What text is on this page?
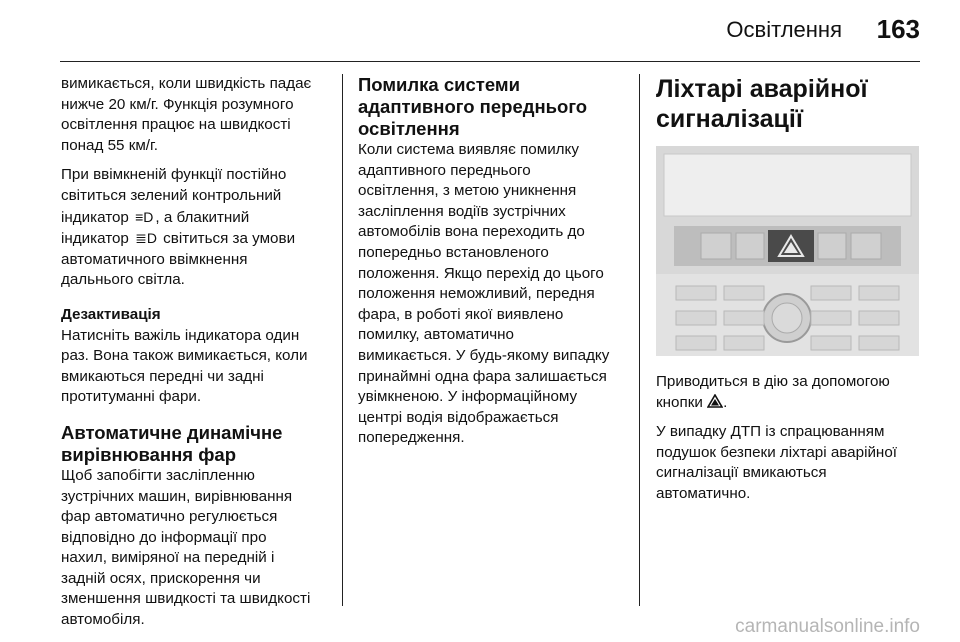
Освітлення 163

вимикається, коли швидкість падає
нижче 20 км/г. Функція розумного
освітлення працює на швидкості
понад 55 км/г.

При ввімкненій функції постійно
світиться зелений контрольний
індикатор ≡D , а блакитний
індикатор ≣D світиться за умови
автоматичного ввімкнення
дальнього світла.

Дезактивація

Натисніть важіль індикатора один
раз. Вона також вимикається, коли
вмикаються передні чи задні
протитуманні фари.

Автоматичне динамічне
вирівнювання фар

Щоб запобігти засліпленню
зустрічних машин, вирівнювання
фар автоматично регулюється
відповідно до інформації про
нахил, виміряної на передній і
задній осях, прискорення чи
зменшення швидкості та швидкості
автомобіля.

Помилка системи
адаптивного переднього
освітлення

Коли система виявляє помилку
адаптивного переднього
освітлення, з метою уникнення
засліплення водіїв зустрічних
автомобілів вона переходить до
попередньо встановленого
положення. Якщо перехід до цього
положення неможливий, передня
фара, в роботі якої виявлено
помилку, автоматично
вимикається. У будь-якому випадку
принаймні одна фара залишається
увімкненою. У інформаційному
центрі водія відображається
попередження.

Ліхтарі аварійної
сигналізації

Приводиться в дію за допомогою
кнопки .

У випадку ДТП із спрацюванням
подушок безпеки ліхтарі аварійної
сигналізації вмикаються
автоматично.

carmanualsonline.info
